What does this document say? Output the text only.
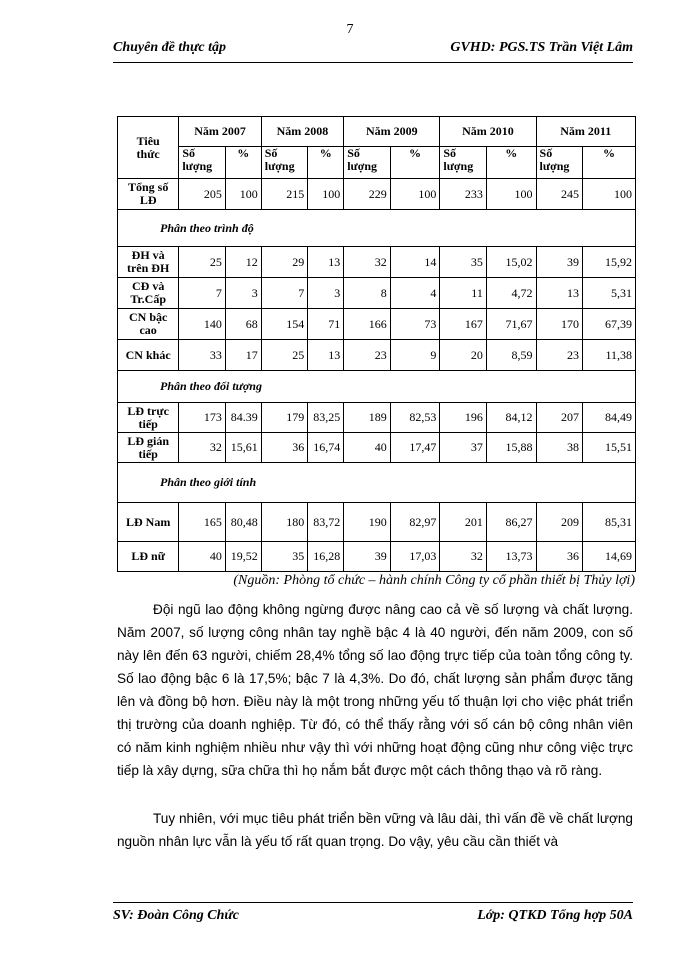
7
Chuyên đề thực tập	GVHD: PGS.TS Trần Việt Lâm
Tiêu thức	Năm 2007		Năm 2008		Năm 2009		Năm 2010		Năm 2011	
	Số lượng	%	Số lượng	%	Số lượng	%	Số lượng	%	Số lượng	%
Tổng số LĐ	205	100	215	100	229	100	233	100	245	100
Phân theo trình độ										
ĐH và trên ĐH	25	12	29	13	32	14	35	15,02	39	15,92
CĐ và Tr.Cấp	7	3	7	3	8	4	11	4,72	13	5,31
CN bậc cao	140	68	154	71	166	73	167	71,67	170	67,39
CN khác	33	17	25	13	23	9	20	8,59	23	11,38
Phân theo đối tượng										
LĐ trực tiếp	173	84.39	179	83,25	189	82,53	196	84,12	207	84,49
LĐ gián tiếp	32	15,61	36	16,74	40	17,47	37	15,88	38	15,51
Phân theo giới tính										
LĐ Nam	165	80,48	180	83,72	190	82,97	201	86,27	209	85,31
LĐ nữ	40	19,52	35	16,28	39	17,03	32	13,73	36	14,69
(Nguồn: Phòng tổ chức – hành chính Công ty cổ phần thiết bị Thủy lợi)

Đội ngũ lao động không ngừng được nâng cao cả về số lượng và chất lượng. Năm 2007, số lượng công nhân tay nghề bậc 4 là 40 người, đến năm 2009, con số này lên đến 63 người, chiếm 28,4% tổng số lao động trực tiếp của toàn tổng công ty. Số lao động bậc 6 là 17,5%; bậc 7 là 4,3%. Do đó, chất lượng sản phẩm được tăng lên và đồng bộ hơn. Điều này là một trong những yếu tố thuận lợi cho việc phát triển thị trường của doanh nghiệp. Từ đó, có thể thấy rằng với số cán bộ công nhân viên có năm kinh nghiệm nhiều như vậy thì với những hoạt động cũng như công việc trực tiếp là xây dựng, sữa chữa thì họ nắm bắt được một cách thông thạo và rõ ràng.

Tuy nhiên, với mục tiêu phát triển bền vững và lâu dài, thì vấn đề về chất lượng nguồn nhân lực vẫn là yếu tố rất quan trọng. Do vậy, yêu cầu cần thiết và

SV: Đoàn Công Chức	Lớp: QTKD Tổng hợp 50A
